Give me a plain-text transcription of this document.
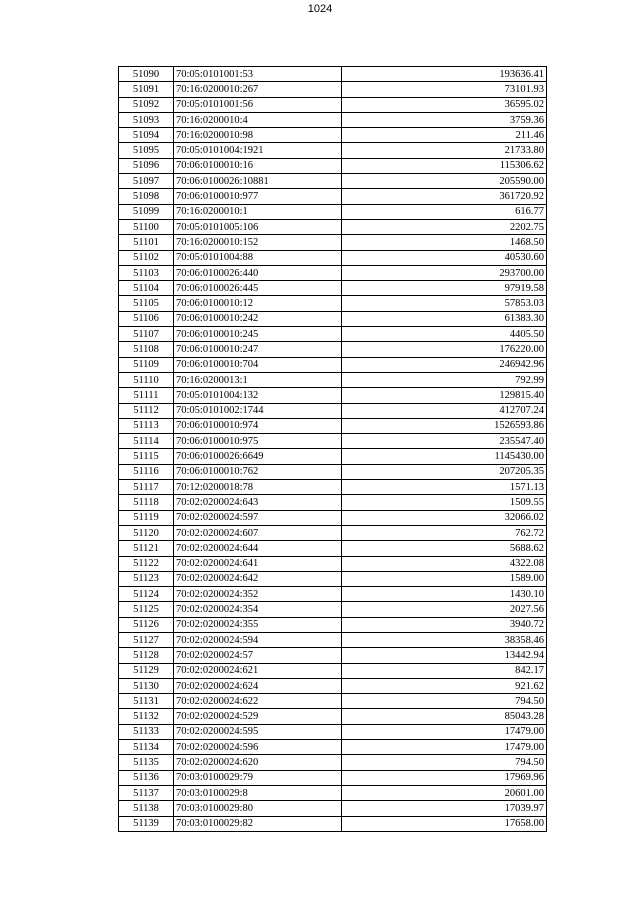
1024
51090	70:05:0101001:53	193636.41
51091	70:16:0200010:267	73101.93
51092	70:05:0101001:56	36595.02
51093	70:16:0200010:4	3759.36
51094	70:16:0200010:98	211.46
51095	70:05:0101004:1921	21733.80
51096	70:06:0100010:16	115306.62
51097	70:06:0100026:10881	205590.00
51098	70:06:0100010:977	361720.92
51099	70:16:0200010:1	616.77
51100	70:05:0101005:106	2202.75
51101	70:16:0200010:152	1468.50
51102	70:05:0101004:88	40530.60
51103	70:06:0100026:440	293700.00
51104	70:06:0100026:445	97919.58
51105	70:06:0100010:12	57853.03
51106	70:06:0100010:242	61383.30
51107	70:06:0100010:245	4405.50
51108	70:06:0100010:247	176220.00
51109	70:06:0100010:704	246942.96
51110	70:16:0200013:1	792.99
51111	70:05:0101004:132	129815.40
51112	70:05:0101002:1744	412707.24
51113	70:06:0100010:974	1526593.86
51114	70:06:0100010:975	235547.40
51115	70:06:0100026:6649	1145430.00
51116	70:06:0100010:762	207205.35
51117	70:12:0200018:78	1571.13
51118	70:02:0200024:643	1509.55
51119	70:02:0200024:597	32066.02
51120	70:02:0200024:607	762.72
51121	70:02:0200024:644	5688.62
51122	70:02:0200024:641	4322.08
51123	70:02:0200024:642	1589.00
51124	70:02:0200024:352	1430.10
51125	70:02:0200024:354	2027.56
51126	70:02:0200024:355	3940.72
51127	70:02:0200024:594	38358.46
51128	70:02:0200024:57	13442.94
51129	70:02:0200024:621	842.17
51130	70:02:0200024:624	921.62
51131	70:02:0200024:622	794.50
51132	70:02:0200024:529	85043.28
51133	70:02:0200024:595	17479.00
51134	70:02:0200024:596	17479.00
51135	70:02:0200024:620	794.50
51136	70:03:0100029:79	17969.96
51137	70:03:0100029:8	20601.00
51138	70:03:0100029:80	17039.97
51139	70:03:0100029:82	17658.00
